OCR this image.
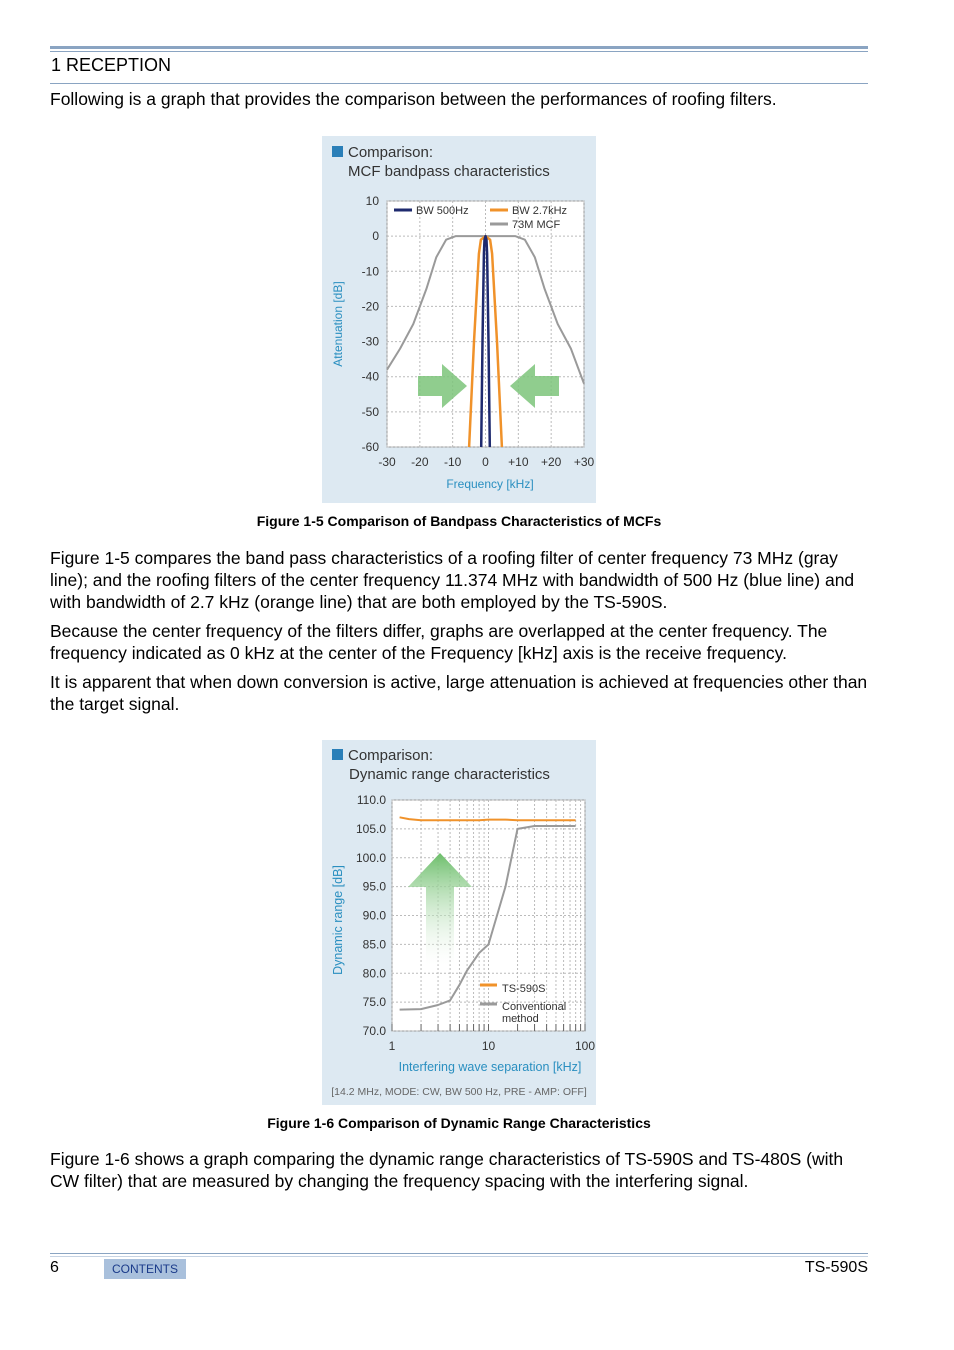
1 RECEPTION

Following is a graph that provides the comparison between the performances of roofing filters.

Comparison:
MCF bandpass characteristics
10
0
-10
-20
-30
-40
-50
-60
-30 -20 -10 0 +10 +20 +30
BW 500Hz	BW 2.7kHz
73M MCF
Frequency [kHz]
Attenuation [dB]
Figure 1-5 Comparison of Bandpass Characteristics of MCFs

Figure 1-5 compares the band pass characteristics of a roofing filter of center frequency 73 MHz (gray line); and the roofing filters of the center frequency 11.374 MHz with bandwidth of 500 Hz (blue line) and with bandwidth of 2.7 kHz (orange line) that are both employed by the TS-590S.

Because the center frequency of the filters differ, graphs are overlapped at the center frequency. The frequency indicated as 0 kHz at the center of the Frequency [kHz] axis is the receive frequency.

It is apparent that when down conversion is active, large attenuation is achieved at frequencies other than the target signal.

Comparison:
Dynamic range characteristics
110.0
105.0
100.0
95.0
90.0
85.0
80.0
75.0
70.0
1	10	100
TS-590S
Conventional method
Interfering wave separation [kHz]
Dynamic range [dB]
[14.2 MHz, MODE: CW, BW 500 Hz, PRE - AMP: OFF]
Figure 1-6 Comparison of Dynamic Range Characteristics

Figure 1-6 shows a graph comparing the dynamic range characteristics of TS-590S and TS-480S (with CW filter) that are measured by changing the frequency spacing with the interfering signal.

6	CONTENTS	TS-590S
